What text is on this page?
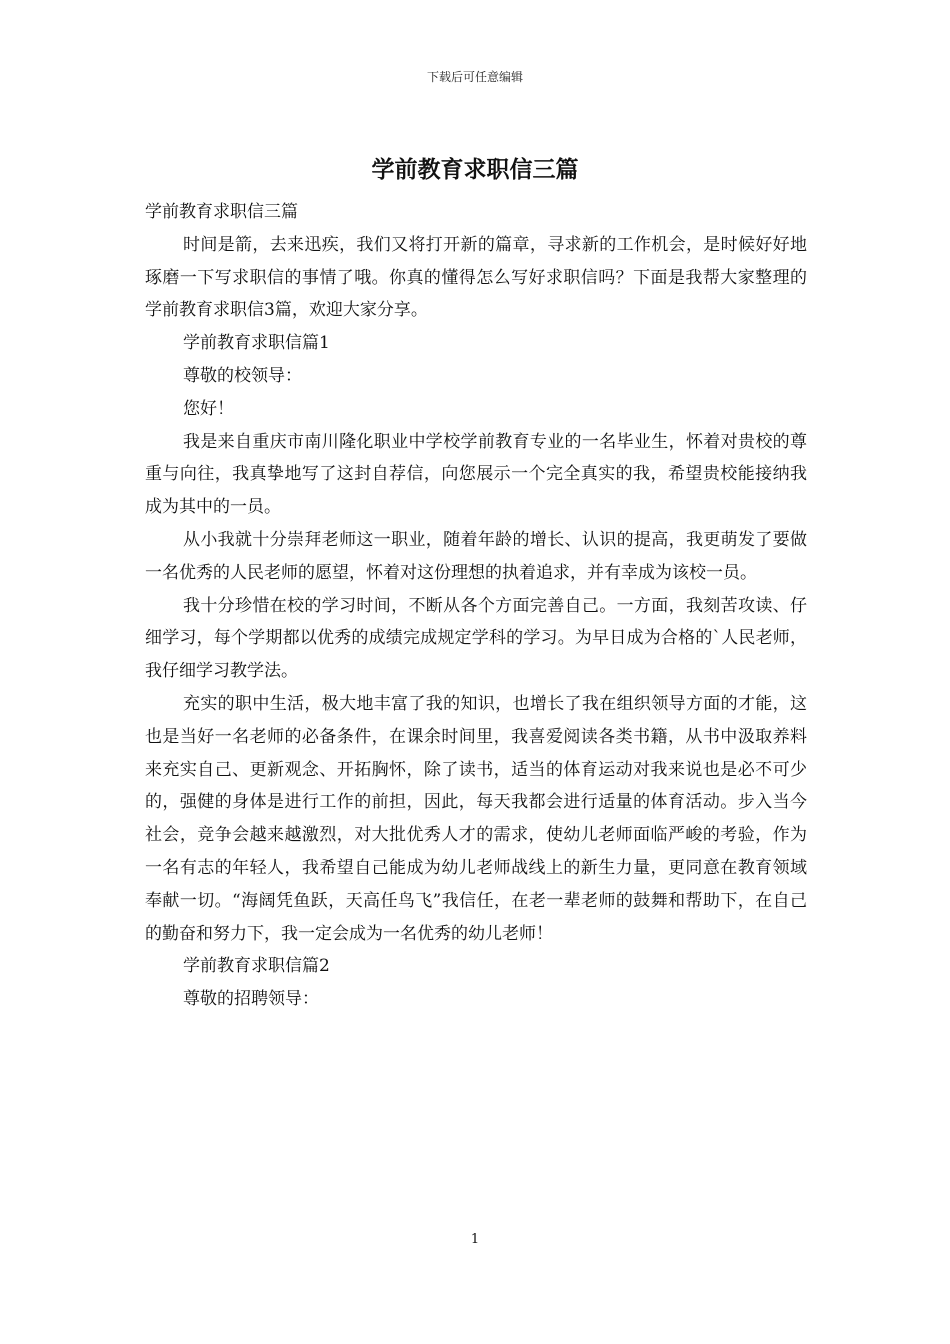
下载后可任意编辑
学前教育求职信三篇

学前教育求职信三篇

时间是箭，去来迅疾，我们又将打开新的篇章，寻求新的工作机会，是时候好好地琢磨一下写求职信的事情了哦。你真的懂得怎么写好求职信吗？下面是我帮大家整理的学前教育求职信3篇，欢迎大家分享。

学前教育求职信篇1

尊敬的校领导：

您好！

我是来自重庆市南川隆化职业中学校学前教育专业的一名毕业生，怀着对贵校的尊重与向往，我真挚地写了这封自荐信，向您展示一个完全真实的我，希望贵校能接纳我成为其中的一员。

从小我就十分崇拜老师这一职业，随着年龄的增长、认识的提高，我更萌发了要做一名优秀的人民老师的愿望，怀着对这份理想的执着追求，并有幸成为该校一员。

我十分珍惜在校的学习时间，不断从各个方面完善自己。一方面，我刻苦攻读、仔细学习，每个学期都以优秀的成绩完成规定学科的学习。为早日成为合格的`人民老师，我仔细学习教学法。

充实的职中生活，极大地丰富了我的知识，也增长了我在组织领导方面的才能，这也是当好一名老师的必备条件，在课余时间里，我喜爱阅读各类书籍，从书中汲取养料来充实自己、更新观念、开拓胸怀，除了读书，适当的体育运动对我来说也是必不可少的，强健的身体是进行工作的前担，因此，每天我都会进行适量的体育活动。步入当今社会，竞争会越来越激烈，对大批优秀人才的需求，使幼儿老师面临严峻的考验，作为一名有志的年轻人，我希望自己能成为幼儿老师战线上的新生力量，更同意在教育领域奉献一切。“海阔凭鱼跃，天高任鸟飞”我信任，在老一辈老师的鼓舞和帮助下，在自己的勤奋和努力下，我一定会成为一名优秀的幼儿老师！

学前教育求职信篇2

尊敬的招聘领导：

1
